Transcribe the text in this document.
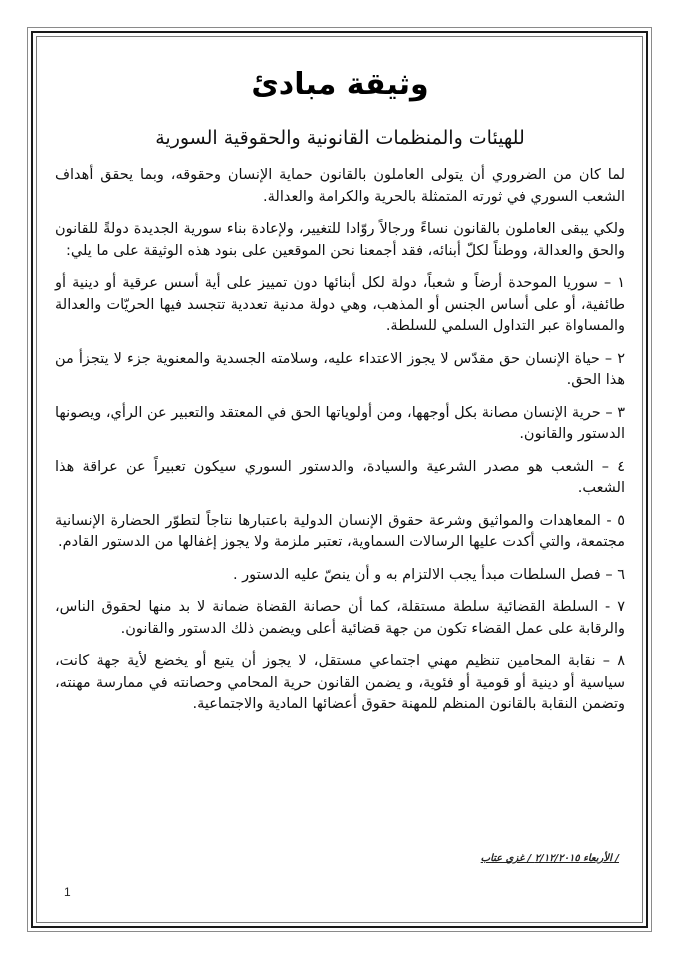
وثيقة مبادئ
للهيئات والمنظمات القانونية والحقوقية السورية

لما كان من الضروري أن يتولى العاملون بالقانون حماية الإنسان وحقوقه، وبما يحقق أهداف الشعب السوري في ثورته المتمثلة بالحرية والكرامة والعدالة.

ولكي يبقى العاملون بالقانون نساءً ورجالاً روّادا للتغيير، ولإعادة بناء سورية الجديدة دولةً للقانون والحق والعدالة، ووطناً لكلّ أبنائه، فقد أجمعنا نحن الموقعين على بنود هذه الوثيقة على ما يلي:

١ – سوريا الموحدة أرضاً و شعباً، دولة لكل أبنائها دون تمييز على أية أسس عرقية أو دينية أو طائفية، أو على أساس الجنس أو المذهب، وهي دولة مدنية تعددية تتجسد فيها الحريّات والعدالة والمساواة عبر التداول السلمي للسلطة.

٢ – حياة الإنسان حق مقدّس لا يجوز الاعتداء عليه، وسلامته الجسدية والمعنوية جزء لا يتجزأ من هذا الحق.

٣ – حرية الإنسان مصانة بكل أوجهها، ومن أولوياتها الحق في المعتقد والتعبير عن الرأي، ويصونها الدستور والقانون.

٤ – الشعب هو مصدر الشرعية والسيادة، والدستور السوري سيكون تعبيراً عن عراقة هذا الشعب.

٥ - المعاهدات والمواثيق وشرعة حقوق الإنسان الدولية باعتبارها نتاجاً لتطوّر الحضارة الإنسانية مجتمعة، والتي أكدت عليها الرسالات السماوية، تعتبر ملزمة ولا يجوز إغفالها من الدستور القادم.

٦ – فصل السلطات مبدأ يجب الالتزام به و أن ينصّ عليه الدستور .

٧ - السلطة القضائية سلطة مستقلة، كما أن حصانة القضاة ضمانة لا بد منها لحقوق الناس، والرقابة على عمل القضاء تكون من جهة قضائية أعلى ويضمن ذلك الدستور والقانون.

٨ – نقابة المحامين تنظيم مهني اجتماعي مستقل، لا يجوز أن يتبع أو يخضع لأية جهة كانت، سياسية أو دينية أو قومية أو فئوية، و يضمن القانون حرية المحامي وحصانته في ممارسة مهنته، وتضمن النقابة بالقانون المنظم للمهنة حقوق أعضائها المادية والاجتماعية.

/ الأربعاء ٢/١٢/٢٠١٥ / غزي عتاب
1
